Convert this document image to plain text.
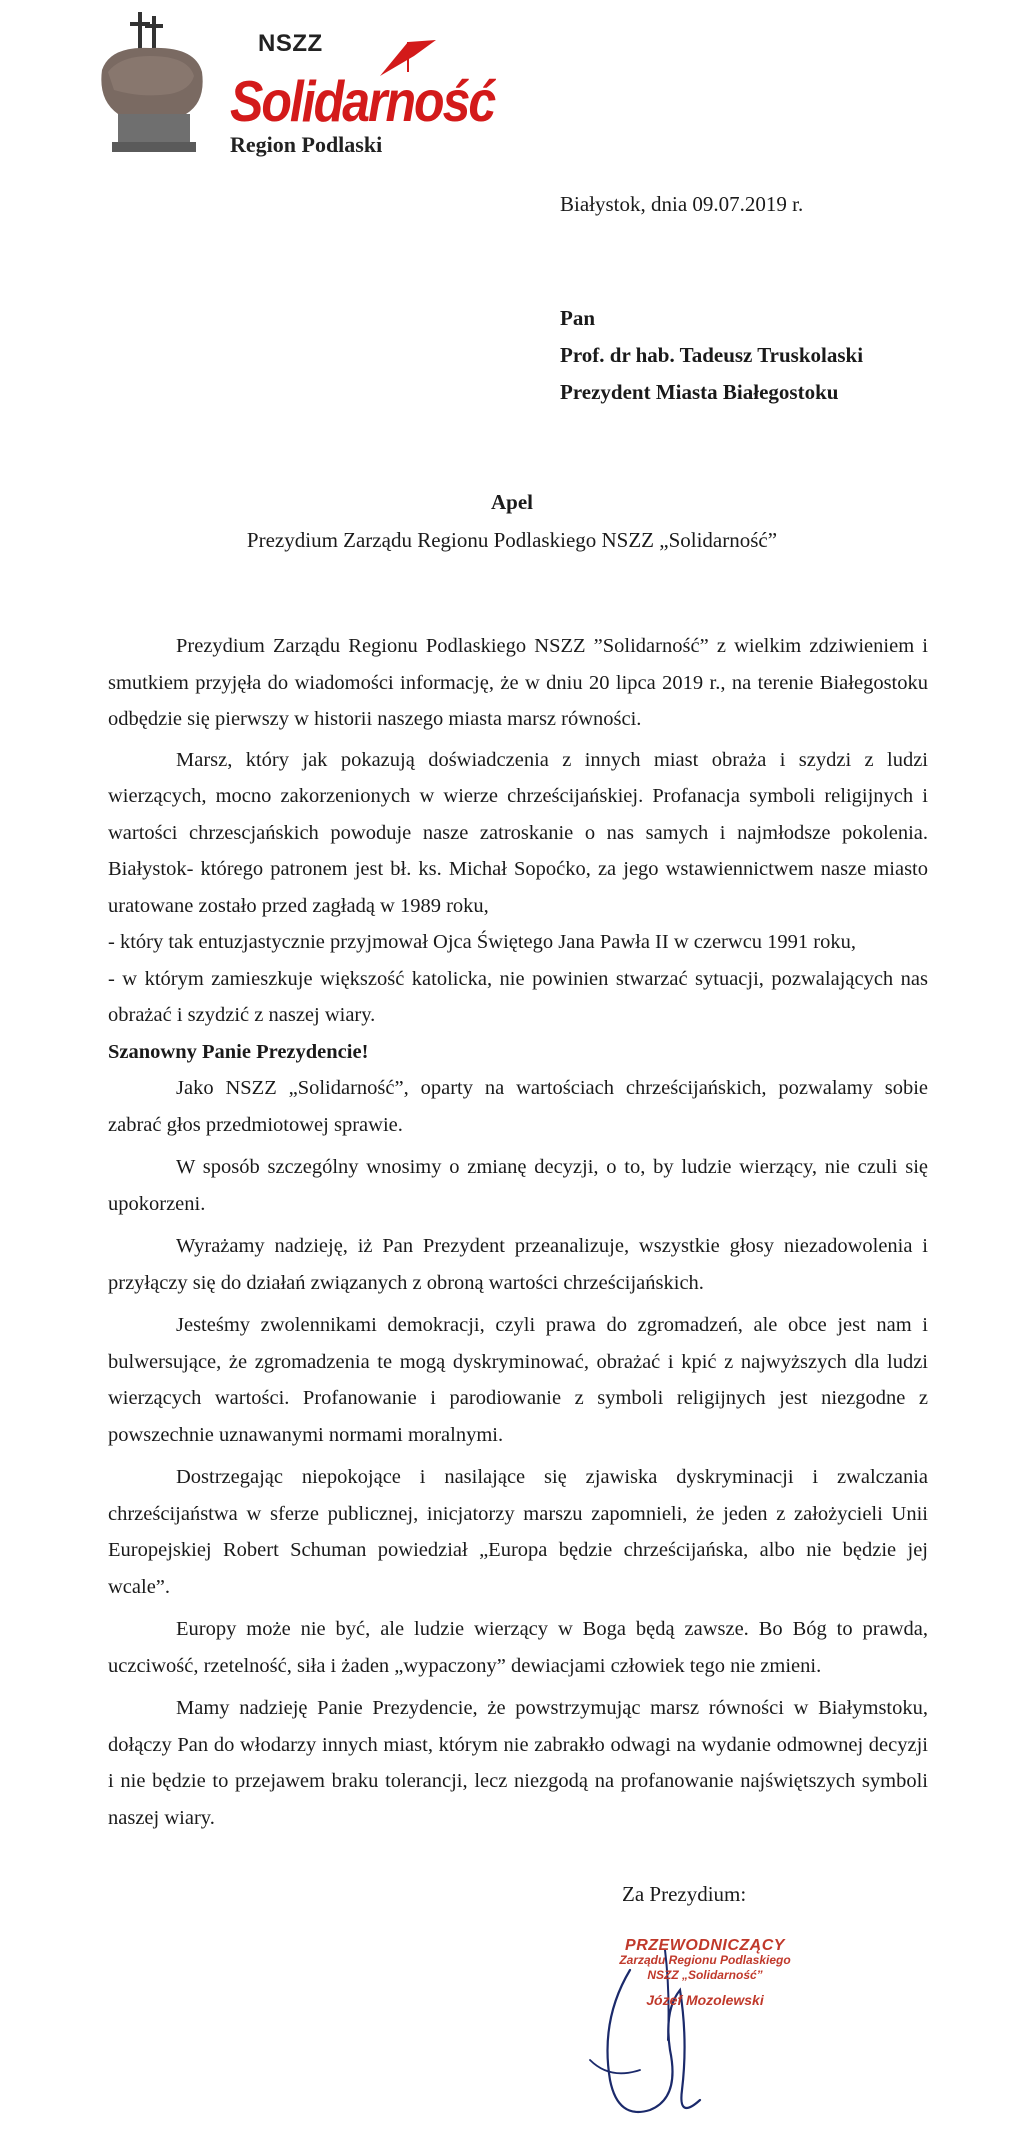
NSZZ
Solidarność
Region Podlaski
Białystok, dnia 09.07.2019 r.
Pan
Prof. dr hab. Tadeusz Truskolaski
Prezydent Miasta Białegostoku
Apel
Prezydium Zarządu Regionu Podlaskiego NSZZ „Solidarność”

Prezydium Zarządu Regionu Podlaskiego NSZZ ”Solidarność” z wielkim zdziwieniem i smutkiem przyjęła do wiadomości informację, że w dniu 20 lipca 2019 r., na terenie Białegostoku odbędzie się pierwszy w historii naszego miasta marsz równości.

Marsz, który jak pokazują doświadczenia z innych miast obraża i szydzi z ludzi wierzących, mocno zakorzenionych w wierze chrześcijańskiej. Profanacja symboli religijnych i wartości chrzescjańskich powoduje nasze zatroskanie o nas samych i najmłodsze pokolenia. Białystok- którego patronem jest bł. ks. Michał Sopoćko, za jego wstawiennictwem nasze miasto uratowane zostało przed zagładą w 1989 roku,

- który tak entuzjastycznie przyjmował Ojca Świętego Jana Pawła II w czerwcu 1991 roku,

- w którym zamieszkuje większość katolicka, nie powinien stwarzać sytuacji, pozwalających nas obrażać i szydzić z naszej wiary.

Szanowny Panie Prezydencie!

Jako NSZZ „Solidarność”, oparty na wartościach chrześcijańskich, pozwalamy sobie zabrać głos przedmiotowej sprawie.

W sposób szczególny wnosimy o zmianę decyzji, o to, by ludzie wierzący, nie czuli się upokorzeni.

Wyrażamy nadzieję, iż Pan Prezydent przeanalizuje, wszystkie głosy niezadowolenia i przyłączy się do działań związanych z obroną wartości chrześcijańskich.

Jesteśmy zwolennikami demokracji, czyli prawa do zgromadzeń, ale obce jest nam i bulwersujące, że zgromadzenia te mogą dyskryminować, obrażać i kpić z najwyższych dla ludzi wierzących wartości. Profanowanie i parodiowanie z symboli religijnych jest niezgodne z powszechnie uznawanymi normami moralnymi.

Dostrzegając niepokojące i nasilające się zjawiska dyskryminacji i zwalczania chrześcijaństwa w sferze publicznej, inicjatorzy marszu zapomnieli, że jeden z założycieli Unii Europejskiej Robert Schuman powiedział „Europa będzie chrześcijańska, albo nie będzie jej wcale”.

Europy może nie być, ale ludzie wierzący w Boga będą zawsze. Bo Bóg to prawda, uczciwość, rzetelność, siła i żaden „wypaczony” dewiacjami człowiek tego nie zmieni.

Mamy nadzieję Panie Prezydencie, że powstrzymując marsz równości w Białymstoku, dołączy Pan do włodarzy innych miast, którym nie zabrakło odwagi na wydanie odmownej decyzji i nie będzie to przejawem braku tolerancji, lecz niezgodą na profanowanie najświętszych symboli naszej wiary.

Za Prezydium:
PRZEWODNICZĄCY
Zarządu Regionu Podlaskiego
NSZZ „Solidarność”
Józef Mozolewski
